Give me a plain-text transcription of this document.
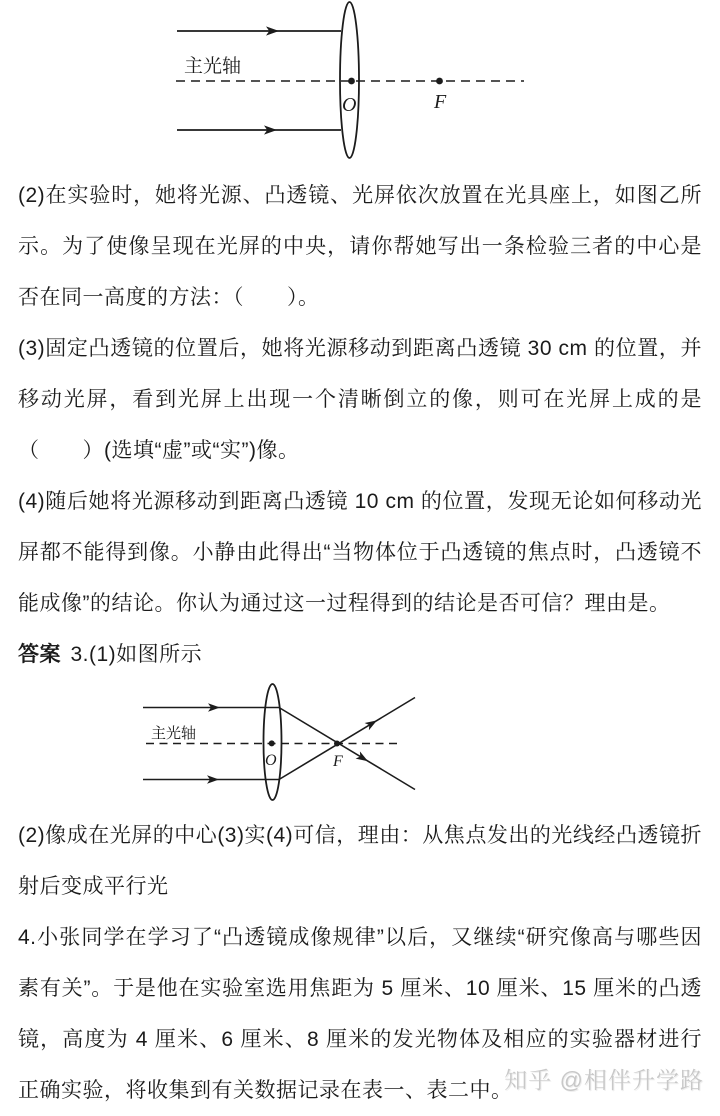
主光轴
O	F

(2)在实验时，她将光源、凸透镜、光屏依次放置在光具座上，如图乙所示。为了使像呈现在光屏的中央，请你帮她写出一条检验三者的中心是否在同一高度的方法：（　　）。

(3)固定凸透镜的位置后，她将光源移动到距离凸透镜 30 cm 的位置，并移动光屏，看到光屏上出现一个清晰倒立的像，则可在光屏上成的是（　　）(选填“虚”或“实”)像。

(4)随后她将光源移动到距离凸透镜 10 cm 的位置，发现无论如何移动光屏都不能得到像。小静由此得出“当物体位于凸透镜的焦点时，凸透镜不能成像”的结论。你认为通过这一过程得到的结论是否可信？理由是。

答案 3.(1)如图所示

主光轴
O	F

(2)像成在光屏的中心(3)实(4)可信，理由：从焦点发出的光线经凸透镜折射后变成平行光

4.小张同学在学习了“凸透镜成像规律”以后，又继续“研究像高与哪些因素有关”。于是他在实验室选用焦距为 5 厘米、10 厘米、15 厘米的凸透镜，高度为 4 厘米、6 厘米、8 厘米的发光物体及相应的实验器材进行正确实验，将收集到有关数据记录在表一、表二中。

知乎 @相伴升学路
